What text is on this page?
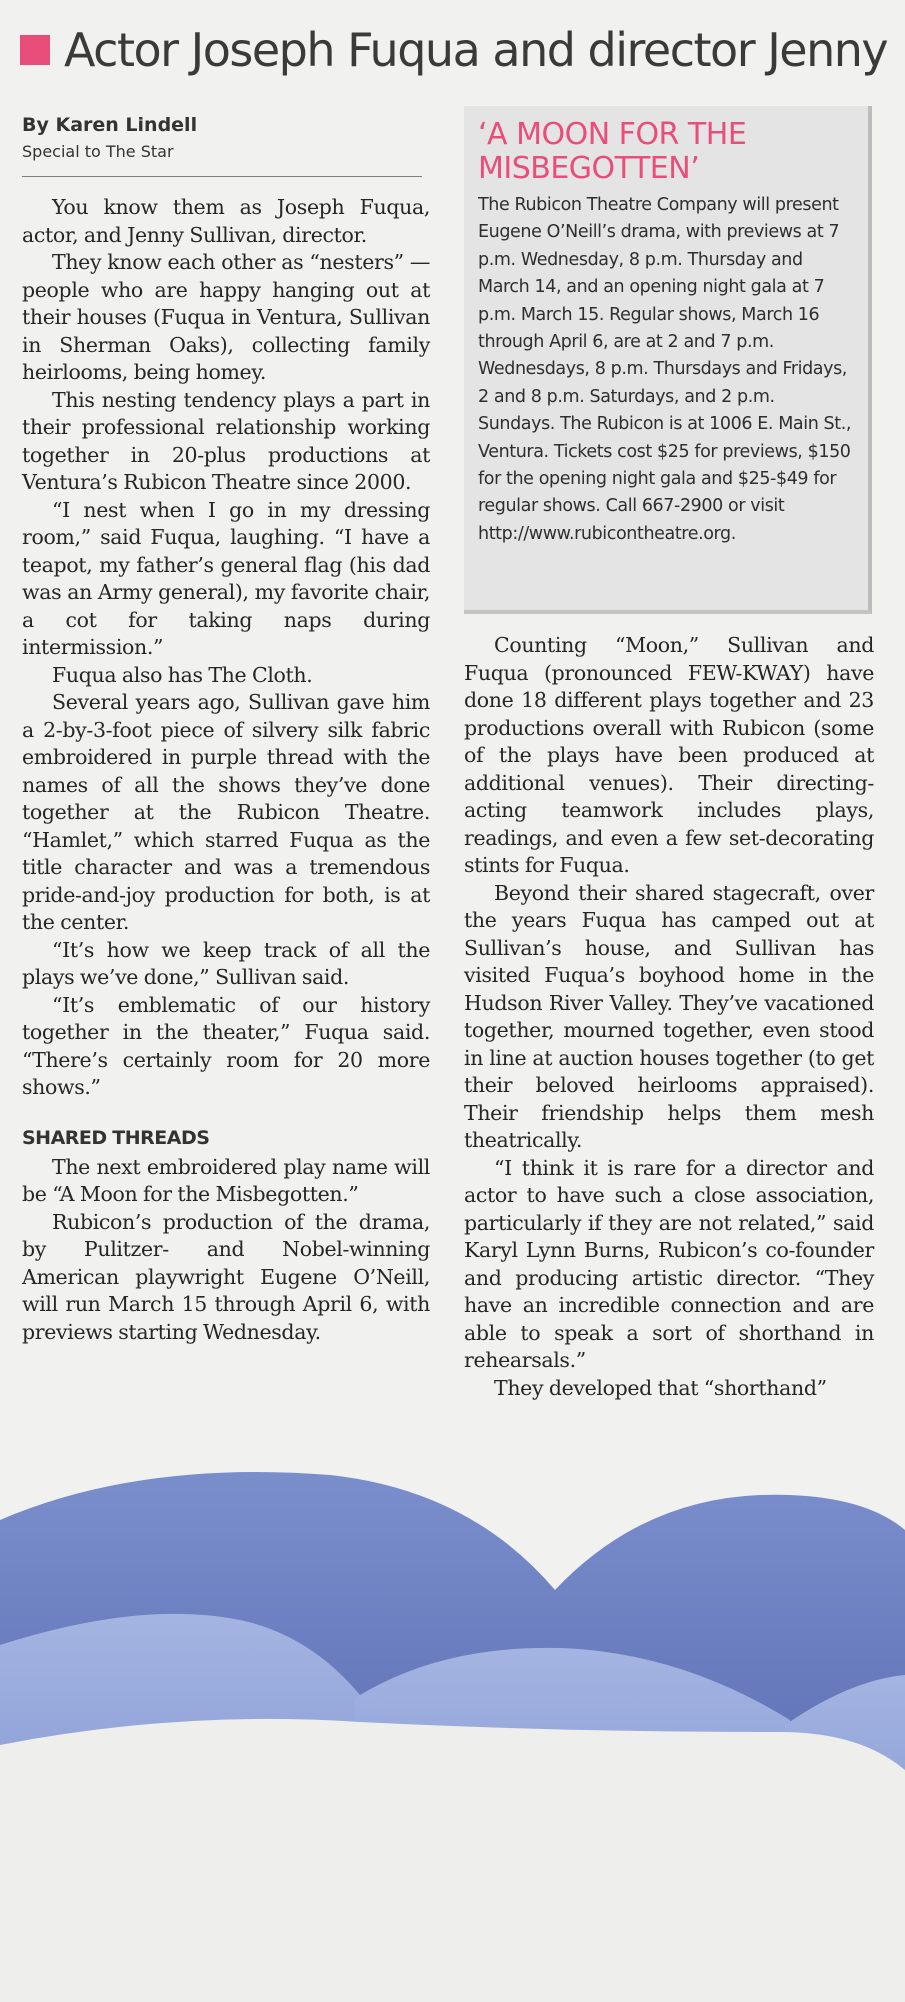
Actor Joseph Fuqua and director Jenny
By Karen Lindell
Special to The Star	‘A MOON FOR THE MISBEGOTTEN’
The Rubicon Theatre Company will present Eugene O’Neill’s drama, with previews at 7 p.m. Wednesday, 8 p.m. Thursday and March 14, and an opening night gala at 7 p.m. March 15. Regular shows, March 16 through April 6, are at 2 and 7 p.m. Wednesdays, 8 p.m. Thursdays and Fridays, 2 and 8 p.m. Saturdays, and 2 p.m. Sundays. The Rubicon is at 1006 E. Main St., Ventura. Tickets cost $25 for previews, $150 for the opening night gala and $25-$49 for regular shows. Call 667-2900 or visit http://www.rubicontheatre.org.

You know them as Joseph Fuqua, actor, and Jenny Sullivan, director.

They know each other as “nesters” — people who are happy hanging out at their houses (Fuqua in Ventura, Sullivan in Sherman Oaks), collecting family heirlooms, being homey.

This nesting tendency plays a part in their professional relationship working together in 20-plus productions at Ventura’s Rubicon Theatre since 2000.

“I nest when I go in my dressing room,” said Fuqua, laughing. “I have a teapot, my father’s general flag (his dad was an Army general), my favorite chair, a cot for taking naps during intermission.”

Fuqua also has The Cloth.

Several years ago, Sullivan gave him a 2-by-3-foot piece of silvery silk fabric embroidered in purple thread with the names of all the shows they’ve done together at the Rubicon Theatre. “Hamlet,” which starred Fuqua as the title character and was a tremendous pride-and-joy production for both, is at the center.

“It’s how we keep track of all the plays we’ve done,” Sullivan said.

“It’s emblematic of our history together in the theater,” Fuqua said. “There’s certainly room for 20 more shows.”

SHARED THREADS

The next embroidered play name will be “A Moon for the Misbegotten.”

Rubicon’s production of the drama, by Pulitzer- and Nobel-winning American playwright Eugene O’Neill, will run March 15 through April 6, with previews starting Wednesday.

Counting “Moon,” Sullivan and Fuqua (pronounced FEW-KWAY) have done 18 different plays together and 23 productions overall with Rubicon (some of the plays have been produced at additional venues). Their directing-acting teamwork includes plays, readings, and even a few set-decorating stints for Fuqua.

Beyond their shared stagecraft, over the years Fuqua has camped out at Sullivan’s house, and Sullivan has visited Fuqua’s boyhood home in the Hudson River Valley. They’ve vacationed together, mourned together, even stood in line at auction houses together (to get their beloved heirlooms appraised). Their friendship helps them mesh theatrically.

“I think it is rare for a director and actor to have such a close association, particularly if they are not related,” said Karyl Lynn Burns, Rubicon’s co-founder and producing artistic director. “They have an incredible connection and are able to speak a sort of shorthand in rehearsals.”

They developed that “shorthand”
